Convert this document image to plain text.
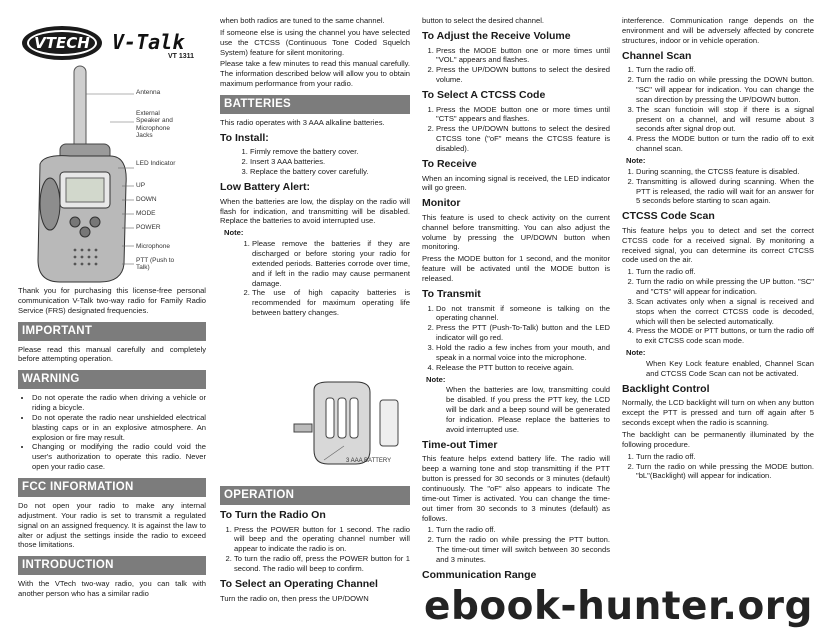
VTECH V-Talk
VT 1311
Antenna
External Speaker and Microphone Jacks
LED Indicator
UP
DOWN
MODE
POWER
Microphone
PTT (Push to Talk)

Thank you for purchasing this license-free personal communication V-Talk two-way radio for Family Radio Service (FRS) designated frequencies.

IMPORTANT

Please read this manual carefully and completely before attempting operation.

WARNING
• Do not operate the radio when driving a vehicle or riding a bicycle.
• Do not operate the radio near unshielded electrical blasting caps or in an explosive atmosphere. An explosion or fire may result.
• Changing or modifying the radio could void the user's authorization to operate this radio. Never open your radio case.
FCC INFORMATION

Do not open your radio to make any internal adjustment. Your radio is set to transmit a regulated signal on an assigned frequency. It is against the law to alter or adjust the settings inside the radio to exceed those limitations.

INTRODUCTION

With the VTech two-way radio, you can talk with another person who has a similar radio

when both radios are tuned to the same channel.

If someone else is using the channel you have selected use the CTCSS (Continuous Tone Coded Squelch System) feature for silent monitoring.

Please take a few minutes to read this manual carefully. The information described below will allow you to obtain maximum performance from your radio.

BATTERIES

This radio operates with 3 AAA alkaline batteries.

To Install:
1. Firmly remove the battery cover.
2. Insert 3 AAA batteries.
3. Replace the battery cover carefully.
Low Battery Alert:

When the batteries are low, the display on the radio will flash for indication, and transmitting will be disabled. Replace the batteries to avoid interrupted use.

Note:
1. Please remove the batteries if they are discharged or before storing your radio for extended periods. Batteries corrode over time, and if left in the radio may cause permanent damage.
2. The use of high capacity batteries is recommended for maximum operating life between battery changes.
3 AAA BATTERY
OPERATION
To Turn the Radio On
1. Press the POWER button for 1 second. The radio will beep and the operating channel number will appear to indicate the radio is on.
2. To turn the radio off, press the POWER button for 1 second. The radio will beep to confirm.
To Select an Operating Channel

Turn the radio on, then press the UP/DOWN

button to select the desired channel.

To Adjust the Receive Volume
1. Press the MODE button one or more times until "VOL" appears and flashes.
2. Press the UP/DOWN buttons to select the desired volume.
To Select A CTCSS Code
1. Press the MODE button one or more times until "CTS" appears and flashes.
2. Press the UP/DOWN buttons to select the desired CTCSS tone ("oF" means the CTCSS feature is disabled).
To Receive

When an incoming signal is received, the LED indicator will go green.

Monitor

This feature is used to check activity on the current channel before transmitting. You can also adjust the volume by pressing the UP/DOWN button when monitoring.

Press the MODE button for 1 second, and the monitor feature will be activated until the MODE button is released.

To Transmit
1. Do not transmit if someone is talking on the operating channel.
2. Press the PTT (Push-To-Talk) button and the LED indicator will go red.
3. Hold the radio a few inches from your mouth, and speak in a normal voice into the microphone.
4. Release the PTT button to receive again.
Note:

When the batteries are low, transmitting could be disabled. If you press the PTT key, the LCD will be dark and a beep sound will be generated for indication. Please replace the batteries to avoid interrupted use.

Time-out Timer

This feature helps extend battery life. The radio will beep a warning tone and stop transmitting if the PTT button is pressed for 30 seconds or 3 minutes (default) continuously. The "oF" also appears to indicate The time-out Timer is activated. You can change the time-out timer from 30 seconds to 3 minutes (default) as follows.

1. Turn the radio off.
2. Turn the radio on while pressing the PTT button. The time-out timer will switch between 30 seconds and 3 minutes.
Communication Range

interference. Communication range depends on the environment and will be adversely affected by concrete structures, indoor or in vehicle operation.

Channel Scan
1. Turn the radio off.
2. Turn the radio on while pressing the DOWN button. "SC" will appear for indication. You can change the scan direction by pressing the UP/DOWN button.
3. The scan functioin will stop if there is a signal present on a channel, and will resume about 3 seconds after signal drop out.
4. Press the MODE button or turn the radio off to exit channel scan.
Note:
1. During scanning, the CTCSS feature is disabled.
2. Transmitting is allowed during scanning. When the PTT is released, the radio will wait for an answer for 5 seconds before starting to scan again.
CTCSS Code Scan

This feature helps you to detect and set the correct CTCSS code for a received signal. By monitoring a received signal, you can determine its correct CTCSS code used on the air.

1. Turn the radio off.
2. Turn the radio on while pressing the UP button. "SC" and "CTS" will appear for indication.
3. Scan activates only when a signal is received and stops when the correct CTCSS code is decoded, which will then be selected automatically.
4. Press the MODE or PTT buttons, or turn the radio off to exit CTCSS code scan mode.
Note:

When Key Lock feature enabled, Channel Scan and CTCSS Code Scan can not be activated.

Backlight Control

Normally, the LCD backlight will turn on when any button except the PTT is pressed and turn off again after 5 seconds except when the radio is scanning.

The backlight can be permanently illuminated by the following procedure.

1. Turn the radio off.
2. Turn the radio on while pressing the MODE button. "bL"(Backlight) will appear for indication.
ebook-hunter.org
